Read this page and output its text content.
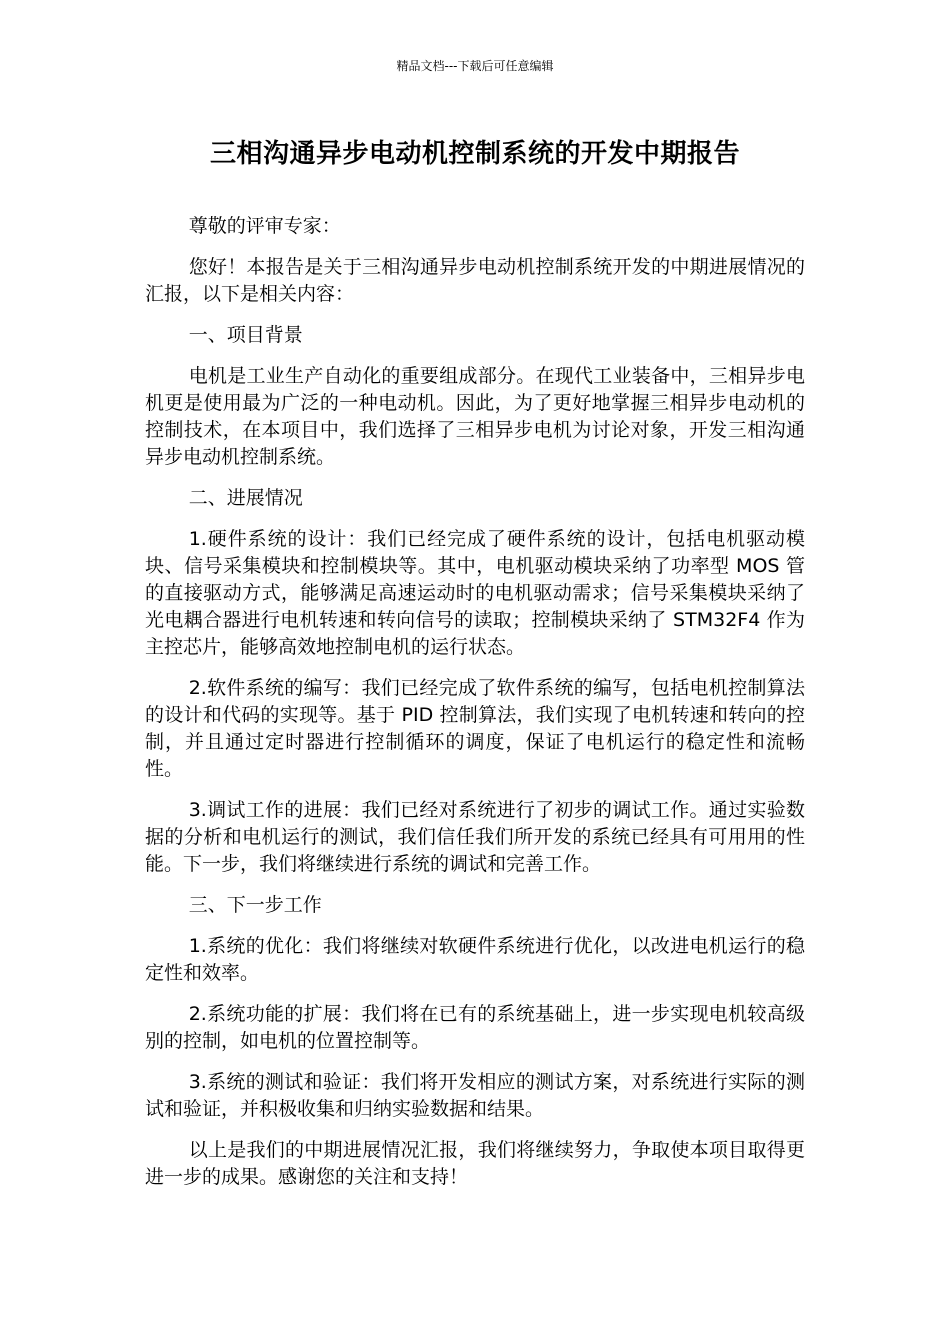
精品文档---下载后可任意编辑
三相沟通异步电动机控制系统的开发中期报告

尊敬的评审专家：

您好！本报告是关于三相沟通异步电动机控制系统开发的中期进展情况的汇报，以下是相关内容：

一、项目背景

电机是工业生产自动化的重要组成部分。在现代工业装备中，三相异步电机更是使用最为广泛的一种电动机。因此，为了更好地掌握三相异步电动机的控制技术，在本项目中，我们选择了三相异步电机为讨论对象，开发三相沟通异步电动机控制系统。

二、进展情况

1.硬件系统的设计：我们已经完成了硬件系统的设计，包括电机驱动模块、信号采集模块和控制模块等。其中，电机驱动模块采纳了功率型 MOS 管的直接驱动方式，能够满足高速运动时的电机驱动需求；信号采集模块采纳了光电耦合器进行电机转速和转向信号的读取；控制模块采纳了 STM32F4 作为主控芯片，能够高效地控制电机的运行状态。

2.软件系统的编写：我们已经完成了软件系统的编写，包括电机控制算法的设计和代码的实现等。基于 PID 控制算法，我们实现了电机转速和转向的控制，并且通过定时器进行控制循环的调度，保证了电机运行的稳定性和流畅性。

3.调试工作的进展：我们已经对系统进行了初步的调试工作。通过实验数据的分析和电机运行的测试，我们信任我们所开发的系统已经具有可用用的性能。下一步，我们将继续进行系统的调试和完善工作。

三、下一步工作

1.系统的优化：我们将继续对软硬件系统进行优化，以改进电机运行的稳定性和效率。

2.系统功能的扩展：我们将在已有的系统基础上，进一步实现电机较高级别的控制，如电机的位置控制等。

3.系统的测试和验证：我们将开发相应的测试方案，对系统进行实际的测试和验证，并积极收集和归纳实验数据和结果。

以上是我们的中期进展情况汇报，我们将继续努力，争取使本项目取得更进一步的成果。感谢您的关注和支持！
